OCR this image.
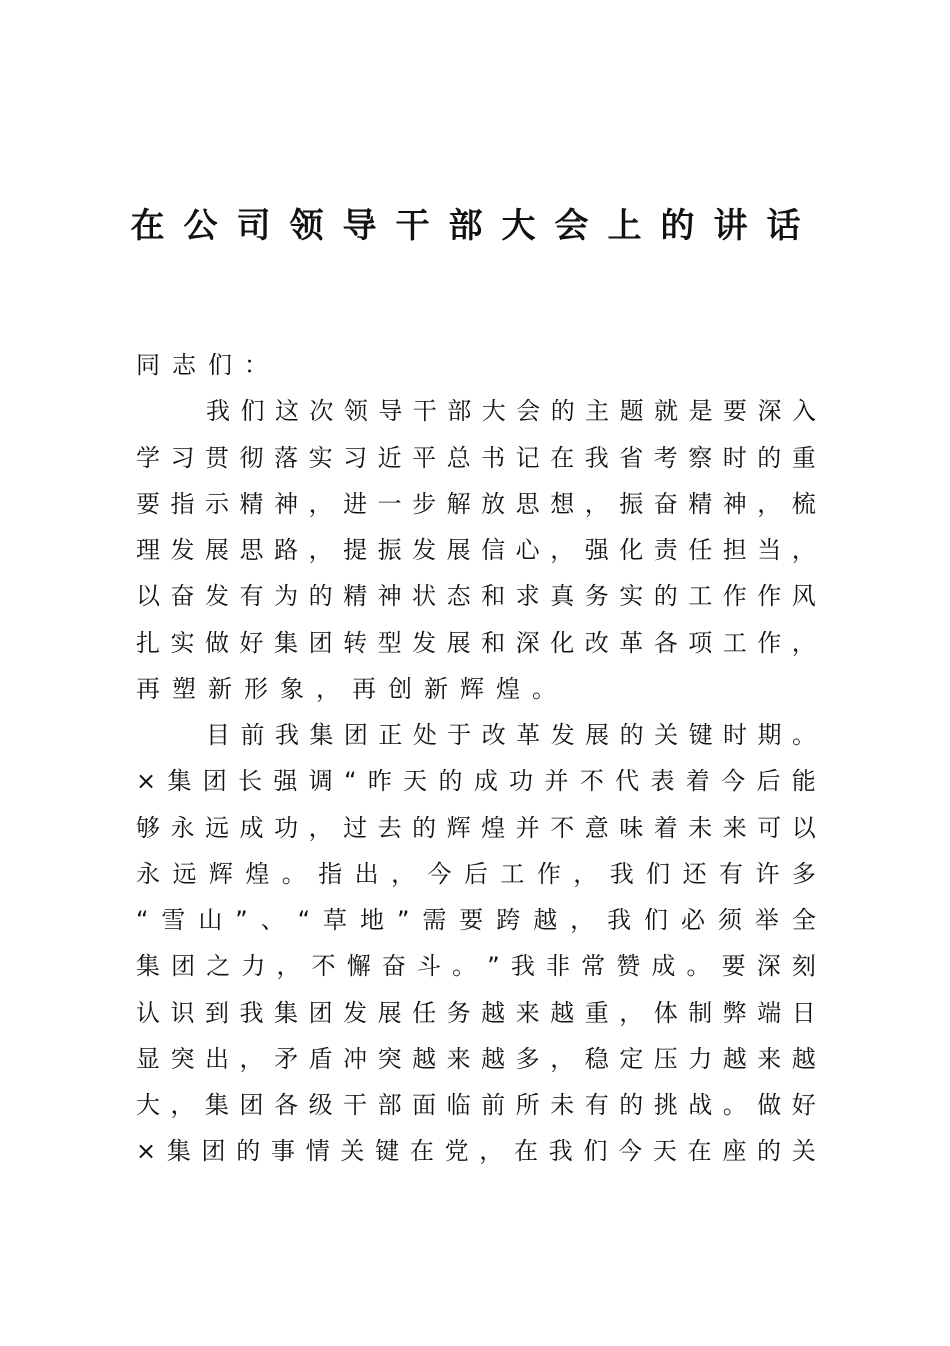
在公司领导干部大会上的讲话
同志们：
我 们 这 次 领 导 干 部 大 会 的 主 题 就 是 要 深 入
学 习 贯 彻 落 实 习 近 平 总 书 记 在 我 省 考 察 时 的 重
要 指 示 精 神 ， 进 一 步 解 放 思 想 ， 振 奋 精 神 ， 梳
理 发 展 思 路 ， 提 振 发 展 信 心 ， 强 化 责 任 担 当 ，
以 奋 发 有 为 的 精 神 状 态 和 求 真 务 实 的 工 作 作 风
扎 实 做 好 集 团 转 型 发 展 和 深 化 改 革 各 项 工 作 ，
再塑新形象，再创新辉煌。
目 前 我 集 团 正 处 于 改 革 发 展 的 关 键 时 期 。
× 集 团 长 强 调 “ 昨 天 的 成 功 并 不 代 表 着 今 后 能
够 永 远 成 功 ， 过 去 的 辉 煌 并 不 意 味 着 未 来 可 以
永 远 辉 煌 。 指 出 ， 今 后 工 作 ， 我 们 还 有 许 多
“ 雪 山 ” 、 “ 草 地 ” 需 要 跨 越 ， 我 们 必 须 举 全
集 团 之 力 ， 不 懈 奋 斗 。 ” 我 非 常 赞 成 。 要 深 刻
认 识 到 我 集 团 发 展 任 务 越 来 越 重 ， 体 制 弊 端 日
显 突 出 ， 矛 盾 冲 突 越 来 越 多 ， 稳 定 压 力 越 来 越
大 ， 集 团 各 级 干 部 面 临 前 所 未 有 的 挑 战 。 做 好
× 集 团 的 事 情 关 键 在 党 ， 在 我 们 今 天 在 座 的 关
